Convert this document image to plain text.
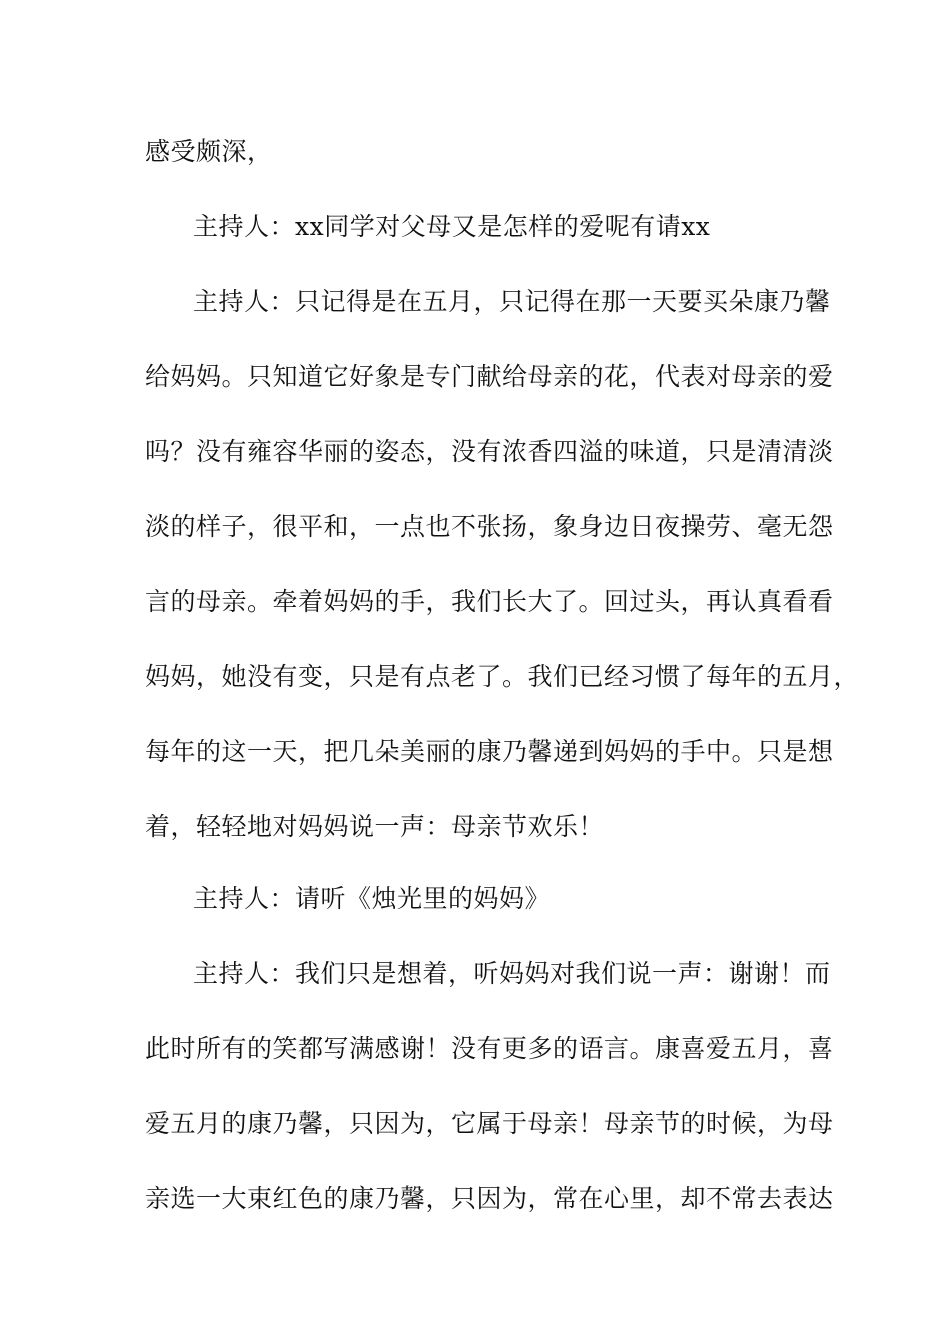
感受颇深，

主持人：xx同学对父母又是怎样的爱呢有请xx

主持人：只记得是在五月，只记得在那一天要买朵康乃馨

给妈妈。只知道它好象是专门献给母亲的花，代表对母亲的爱

吗？没有雍容华丽的姿态，没有浓香四溢的味道，只是清清淡

淡的样子，很平和，一点也不张扬，象身边日夜操劳、毫无怨

言的母亲。牵着妈妈的手，我们长大了。回过头，再认真看看

妈妈，她没有变，只是有点老了。我们已经习惯了每年的五月，

每年的这一天，把几朵美丽的康乃馨递到妈妈的手中。只是想

着，轻轻地对妈妈说一声：母亲节欢乐！

主持人：请听《烛光里的妈妈》

主持人：我们只是想着，听妈妈对我们说一声：谢谢！而

此时所有的笑都写满感谢！没有更多的语言。康喜爱五月，喜

爱五月的康乃馨，只因为，它属于母亲！母亲节的时候，为母

亲选一大束红色的康乃馨，只因为，常在心里，却不常去表达
